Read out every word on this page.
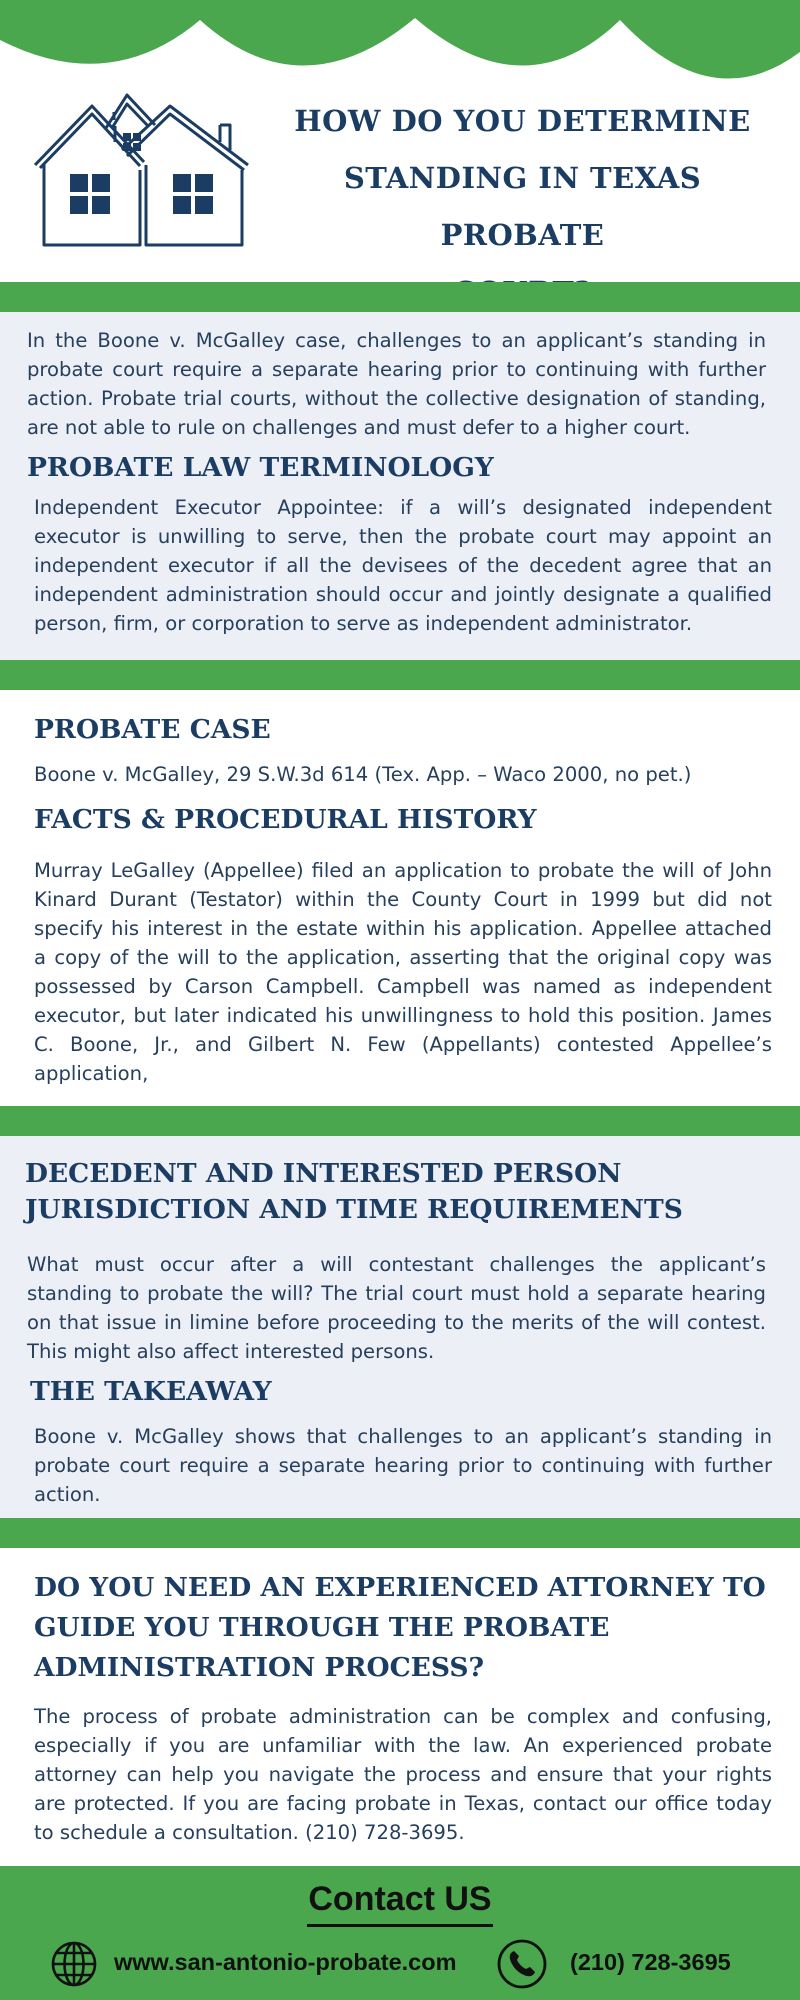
HOW DO YOU DETERMINE
STANDING IN TEXAS PROBATE
In the Boone v. McGalley case, challenges to an applicant’s standing in probate court require a separate hearing prior to continuing with further action. Probate trial courts, without the collective designation of standing, are not able to rule on challenges and must defer to a higher court.
PROBATE LAW TERMINOLOGY
Independent Executor Appointee: if a will’s designated independent executor is unwilling to serve, then the probate court may appoint an independent executor if all the devisees of the decedent agree that an independent administration should occur and jointly designate a qualified person, firm, or corporation to serve as independent administrator.
PROBATE CASE
Boone v. McGalley, 29 S.W.3d 614 (Tex. App. – Waco 2000, no pet.)
FACTS & PROCEDURAL HISTORY
Murray LeGalley (Appellee) filed an application to probate the will of John Kinard Durant (Testator) within the County Court in 1999 but did not specify his interest in the estate within his application. Appellee attached a copy of the will to the application, asserting that the original copy was possessed by Carson Campbell. Campbell was named as independent executor, but later indicated his unwillingness to hold this position. James C. Boone, Jr., and Gilbert N. Few (Appellants) contested Appellee’s application,
DECEDENT AND INTERESTED PERSON JURISDICTION AND TIME REQUIREMENTS
What must occur after a will contestant challenges the applicant’s standing to probate the will? The trial court must hold a separate hearing on that issue in limine before proceeding to the merits of the will contest. This might also affect interested persons.
THE TAKEAWAY
Boone v. McGalley shows that challenges to an applicant’s standing in probate court require a separate hearing prior to continuing with further action.
DO YOU NEED AN EXPERIENCED ATTORNEY TO
GUIDE YOU THROUGH THE PROBATE
ADMINISTRATION PROCESS?
The process of probate administration can be complex and confusing, especially if you are unfamiliar with the law. An experienced probate attorney can help you navigate the process and ensure that your rights are protected. If you are facing probate in Texas, contact our office today to schedule a consultation. (210) 728-3695.
Contact US
www.san-antonio-probate.com	(210) 728-3695
